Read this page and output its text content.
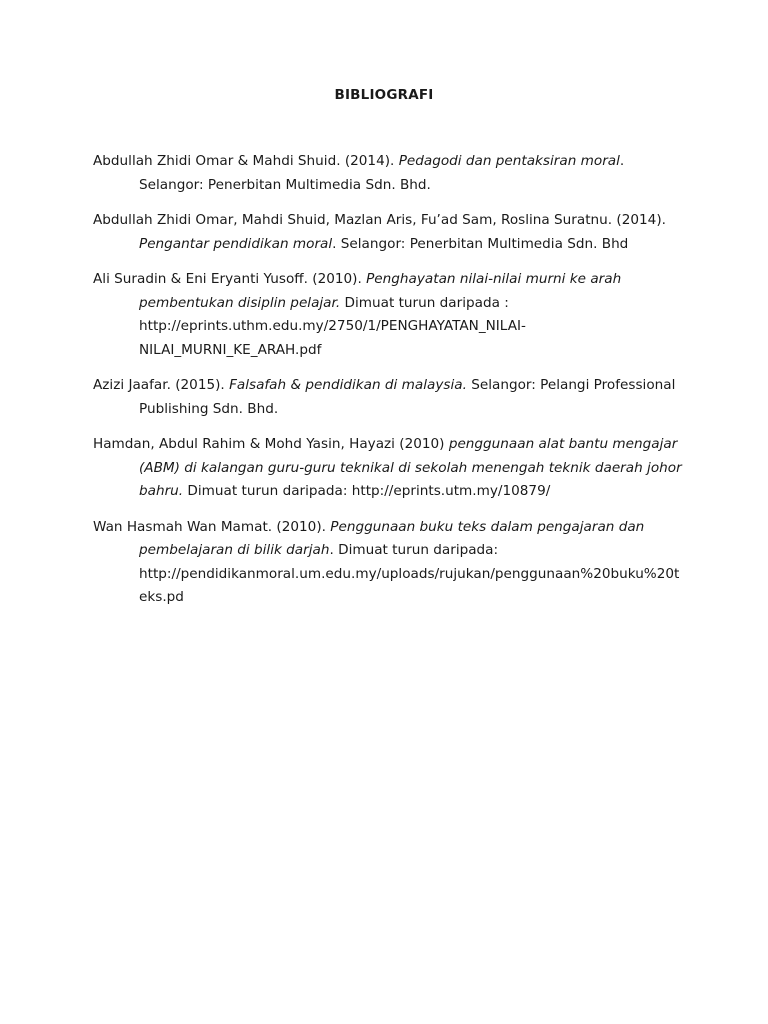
BIBLIOGRAFI

Abdullah Zhidi Omar & Mahdi Shuid. (2014). Pedagodi dan pentaksiran moral. Selangor: Penerbitan Multimedia Sdn. Bhd.

Abdullah Zhidi Omar, Mahdi Shuid, Mazlan Aris, Fu’ad Sam, Roslina Suratnu. (2014). Pengantar pendidikan moral. Selangor: Penerbitan Multimedia Sdn. Bhd

Ali Suradin & Eni Eryanti Yusoff. (2010). Penghayatan nilai-nilai murni ke arah pembentukan disiplin pelajar. Dimuat turun daripada : http://eprints.uthm.edu.my/2750/1/PENGHAYATAN_NILAI-NILAI_MURNI_KE_ARAH.pdf

Azizi Jaafar. (2015). Falsafah & pendidikan di malaysia. Selangor: Pelangi Professional Publishing Sdn. Bhd.

Hamdan, Abdul Rahim & Mohd Yasin, Hayazi (2010) penggunaan alat bantu mengajar (ABM) di kalangan guru-guru teknikal di sekolah menengah teknik daerah johor bahru. Dimuat turun daripada: http://eprints.utm.my/10879/

Wan Hasmah Wan Mamat. (2010). Penggunaan buku teks dalam pengajaran dan pembelajaran di bilik darjah. Dimuat turun daripada: http://pendidikanmoral.um.edu.my/uploads/rujukan/penggunaan%20buku%20teks.pd
